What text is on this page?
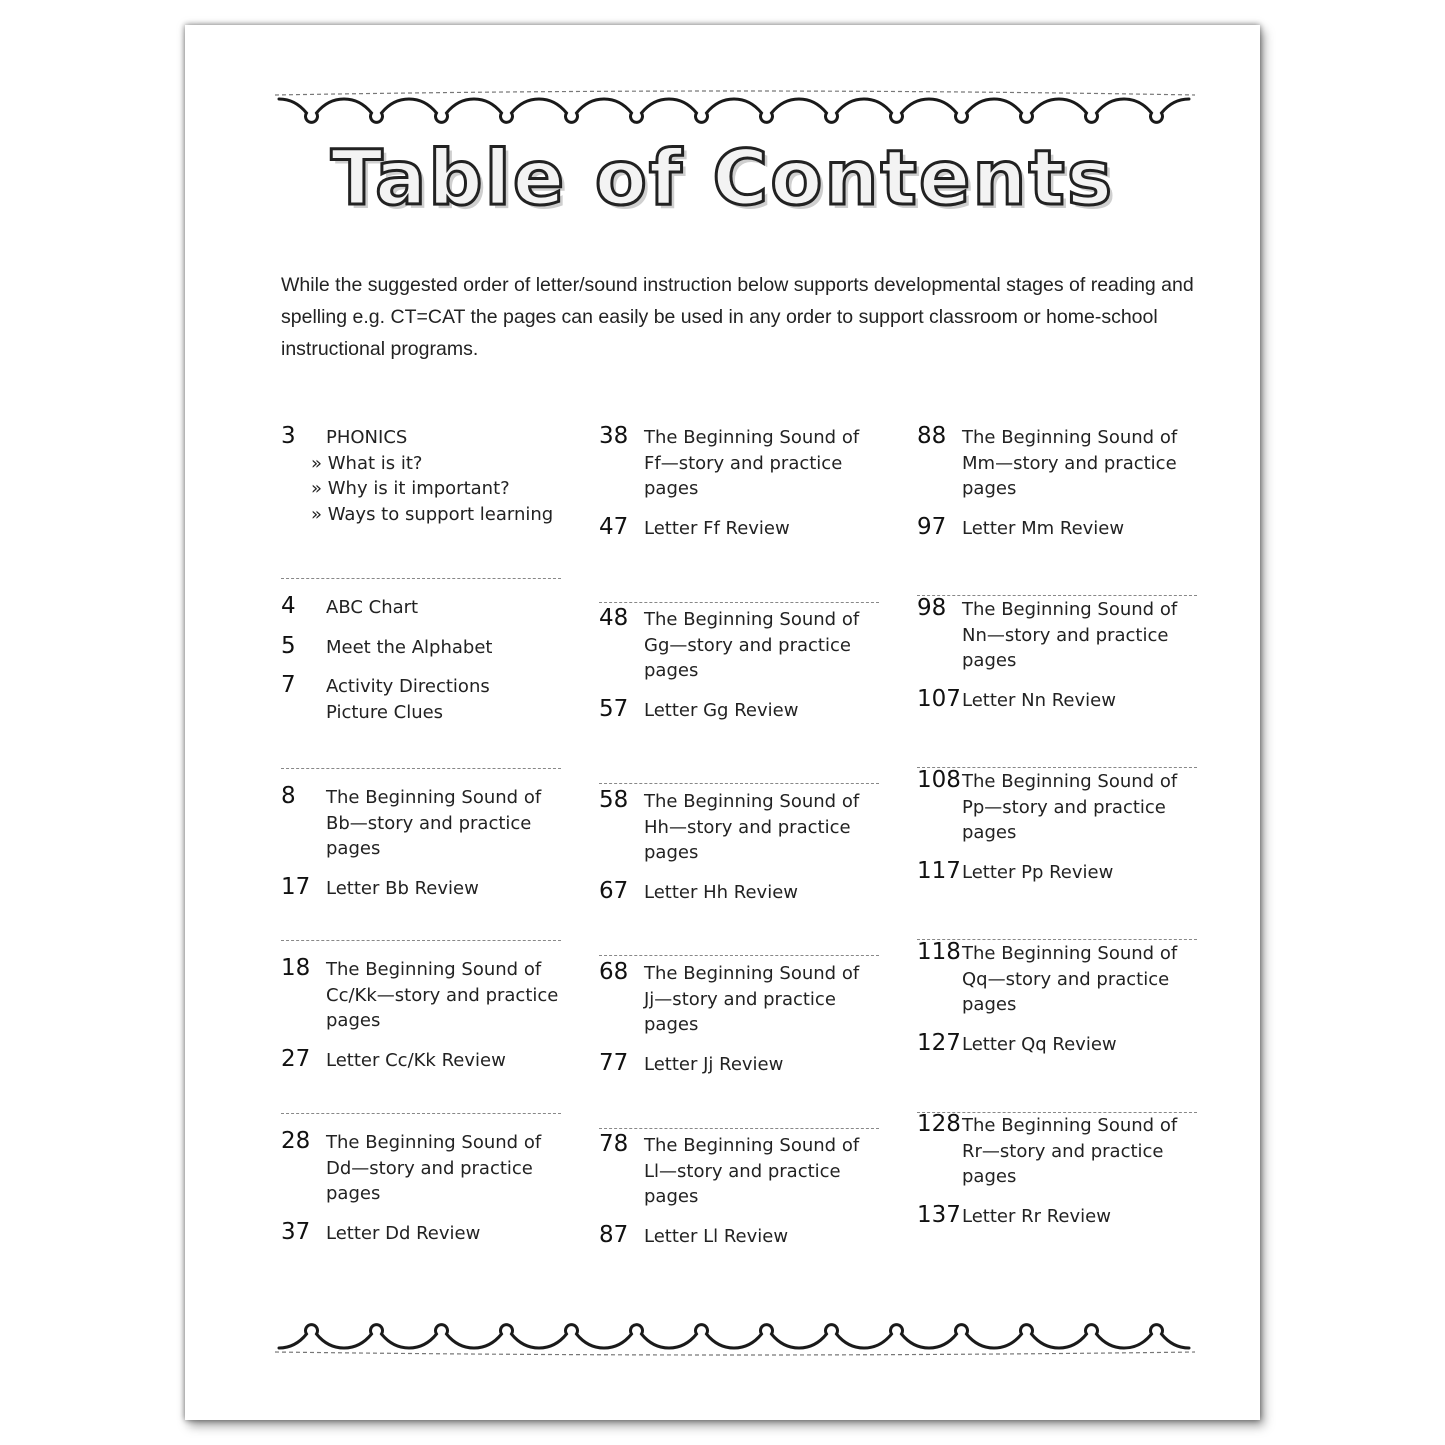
Table of Contents

While the suggested order of letter/sound instruction below supports developmental stages of reading and spelling e.g. CT=CAT the pages can easily be used in any order to support classroom or home-school instructional programs.

3 PHONICS
» What is it?
» Why is it important?
» Ways to support learning
4 ABC Chart
5 Meet the Alphabet
7 Activity Directions
Picture Clues
8 The Beginning Sound of
Bb—story and practice
pages
17 Letter Bb Review
18 The Beginning Sound of
Cc/Kk—story and practice
pages
27 Letter Cc/Kk Review
28 The Beginning Sound of
Dd—story and practice
pages
37 Letter Dd Review
38 The Beginning Sound of
Ff—story and practice
pages
47 Letter Ff Review
48 The Beginning Sound of
Gg—story and practice
pages
57 Letter Gg Review
58 The Beginning Sound of
Hh—story and practice
pages
67 Letter Hh Review
68 The Beginning Sound of
Jj—story and practice
pages
77 Letter Jj Review
78 The Beginning Sound of
Ll—story and practice
pages
87 Letter Ll Review
88 The Beginning Sound of
Mm—story and practice
pages
97 Letter Mm Review
98 The Beginning Sound of
Nn—story and practice
pages
107 Letter Nn Review
108 The Beginning Sound of
Pp—story and practice
pages
117 Letter Pp Review
118 The Beginning Sound of
Qq—story and practice
pages
127 Letter Qq Review
128 The Beginning Sound of
Rr—story and practice
pages
137 Letter Rr Review
